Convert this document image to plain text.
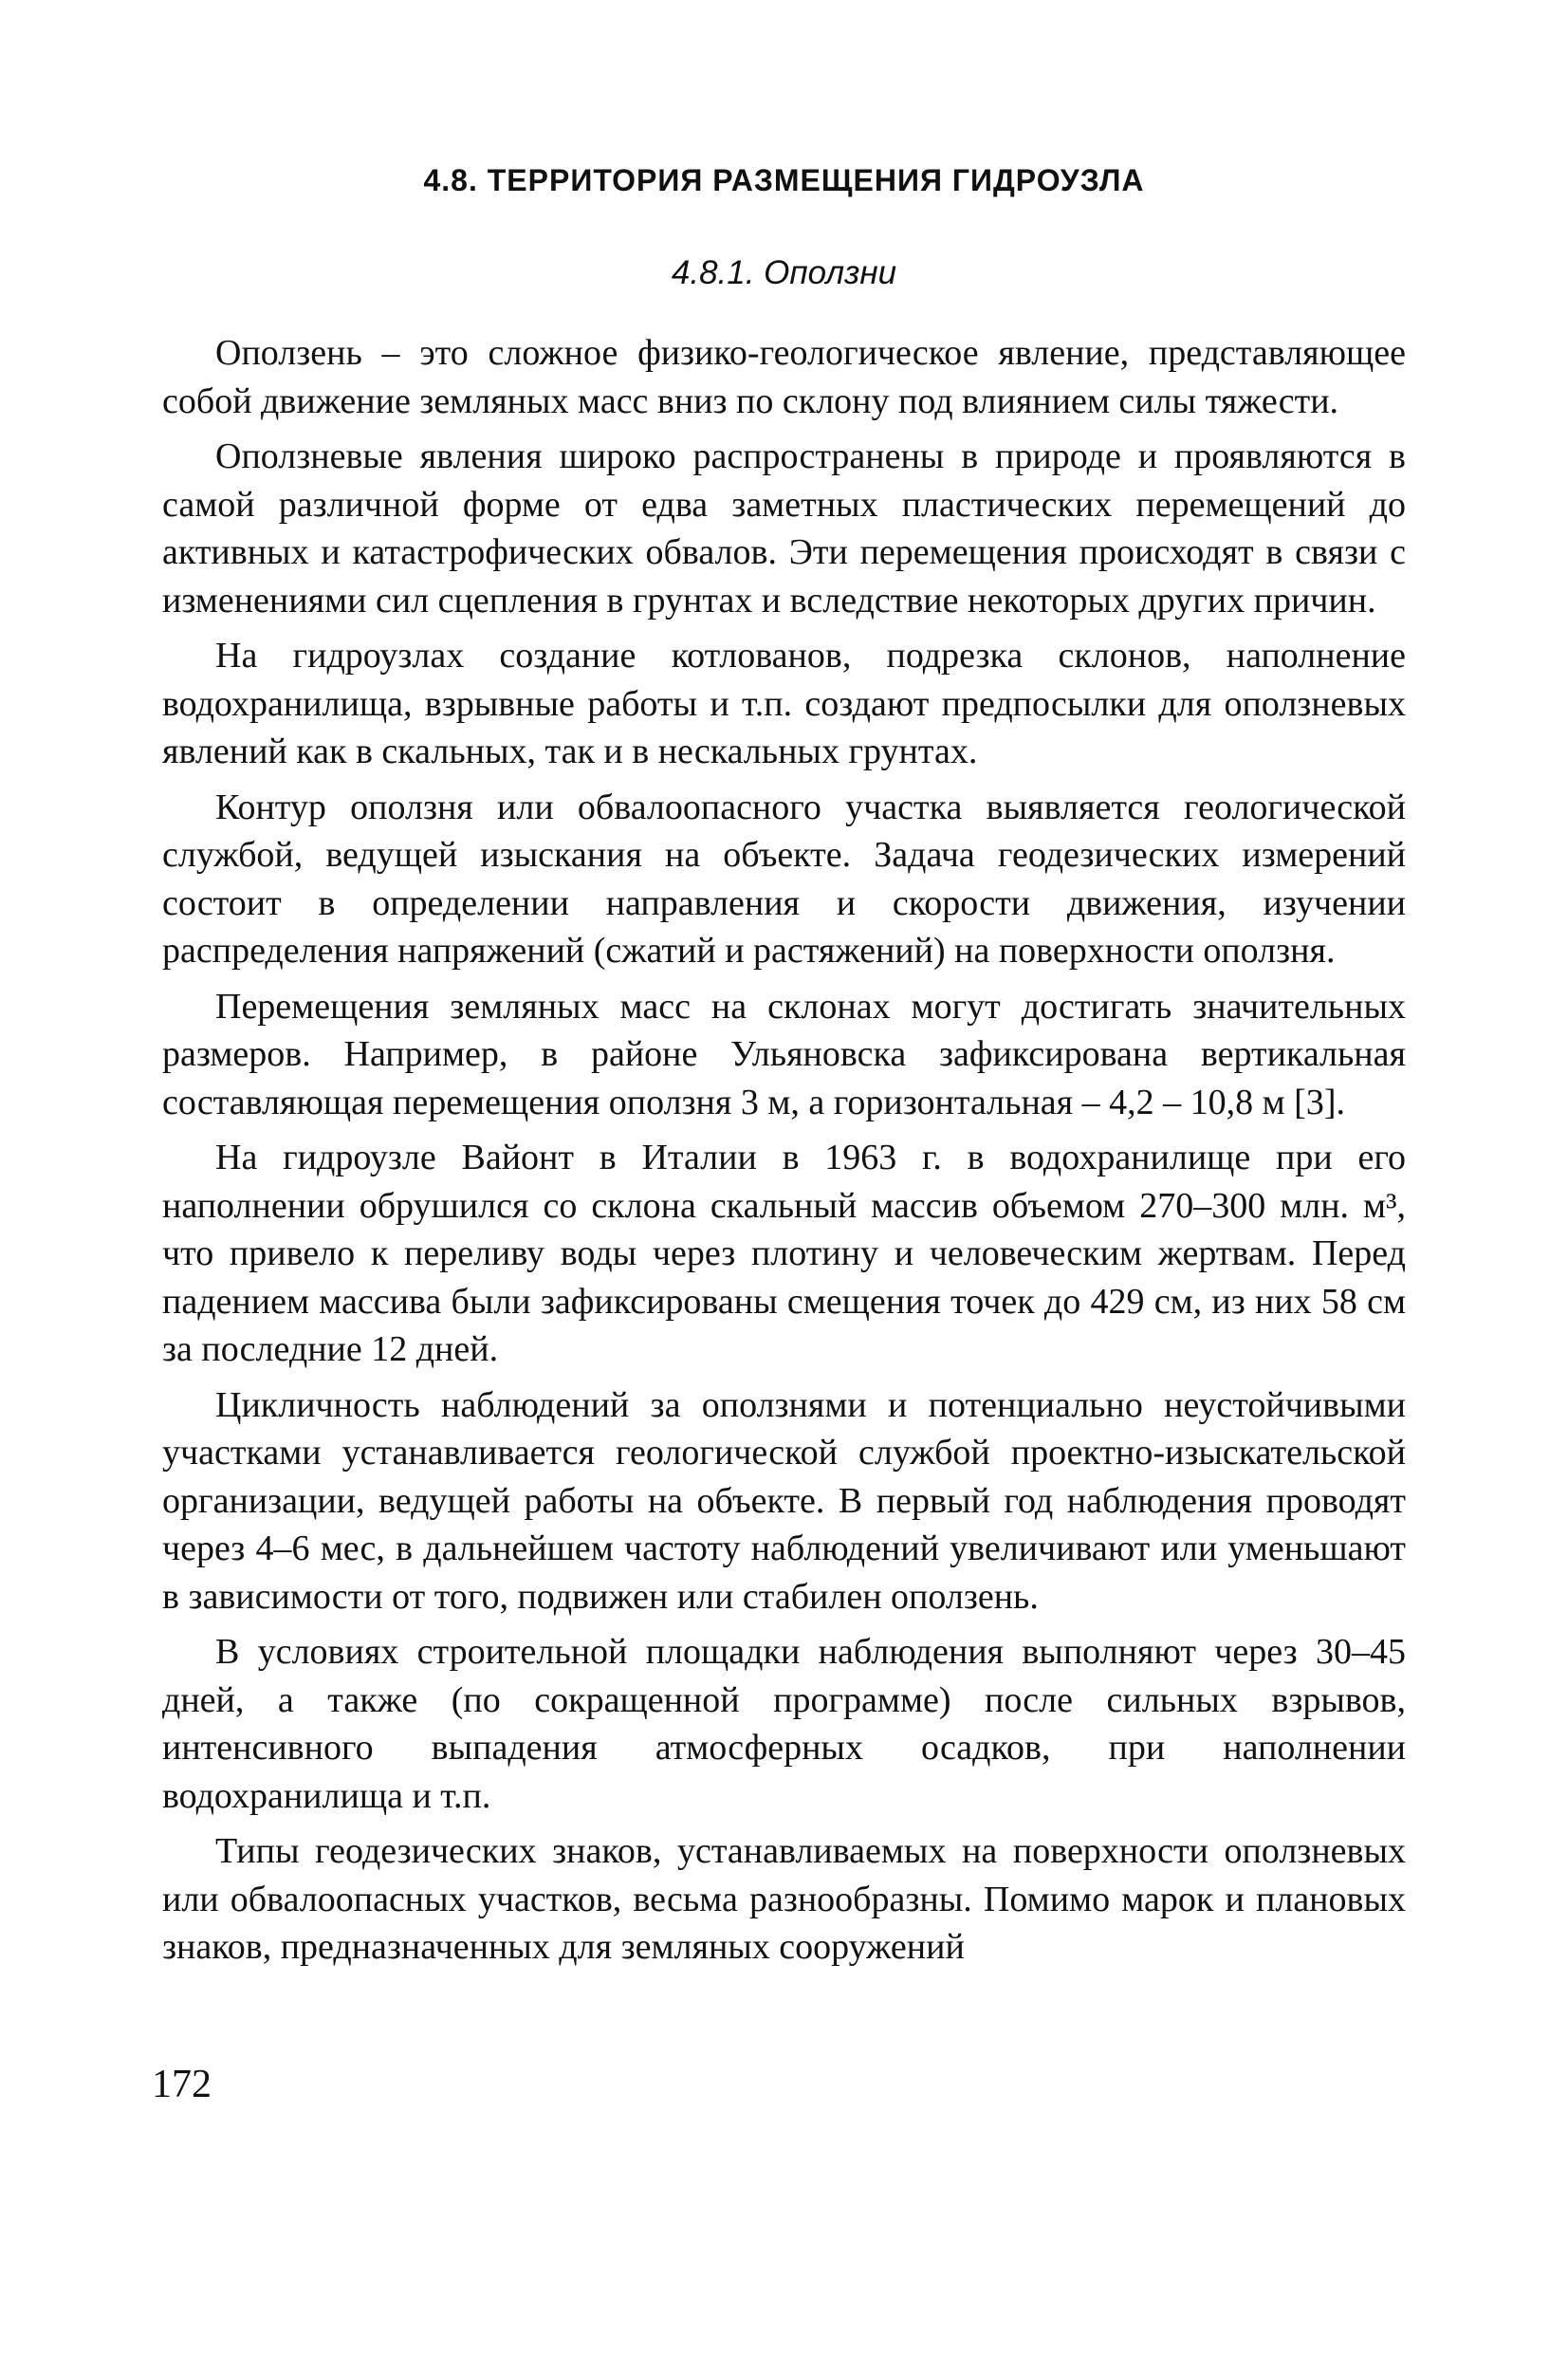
4.8. ТЕРРИТОРИЯ РАЗМЕЩЕНИЯ ГИДРОУЗЛА
4.8.1. Оползни

Оползень – это сложное физико-геологическое явление, представляющее собой движение земляных масс вниз по склону под влиянием силы тяжести.

Оползневые явления широко распространены в природе и проявляются в самой различной форме от едва заметных пластических перемещений до активных и катастрофических обвалов. Эти перемещения происходят в связи с изменениями сил сцепления в грунтах и вследствие некоторых других причин.

На гидроузлах создание котлованов, подрезка склонов, наполнение водохранилища, взрывные работы и т.п. создают предпосылки для оползневых явлений как в скальных, так и в нескальных грунтах.

Контур оползня или обвалоопасного участка выявляется геологической службой, ведущей изыскания на объекте. Задача геодезических измерений состоит в определении направления и скорости движения, изучении распределения напряжений (сжатий и растяжений) на поверхности оползня.

Перемещения земляных масс на склонах могут достигать значительных размеров. Например, в районе Ульяновска зафиксирована вертикальная составляющая перемещения оползня 3 м, а горизонтальная – 4,2 – 10,8 м [3].

На гидроузле Вайонт в Италии в 1963 г. в водохранилище при его наполнении обрушился со склона скальный массив объемом 270–300 млн. м³, что привело к переливу воды через плотину и человеческим жертвам. Перед падением массива были зафиксированы смещения точек до 429 см, из них 58 см за последние 12 дней.

Цикличность наблюдений за оползнями и потенциально неустойчивыми участками устанавливается геологической службой проектно-изыскательской организации, ведущей работы на объекте. В первый год наблюдения проводят через 4–6 мес, в дальнейшем частоту наблюдений увеличивают или уменьшают в зависимости от того, подвижен или стабилен оползень.

В условиях строительной площадки наблюдения выполняют через 30–45 дней, а также (по сокращенной программе) после сильных взрывов, интенсивного выпадения атмосферных осадков, при наполнении водохранилища и т.п.

Типы геодезических знаков, устанавливаемых на поверхности оползневых или обвалоопасных участков, весьма разнообразны. Помимо марок и плановых знаков, предназначенных для земляных сооружений

172
